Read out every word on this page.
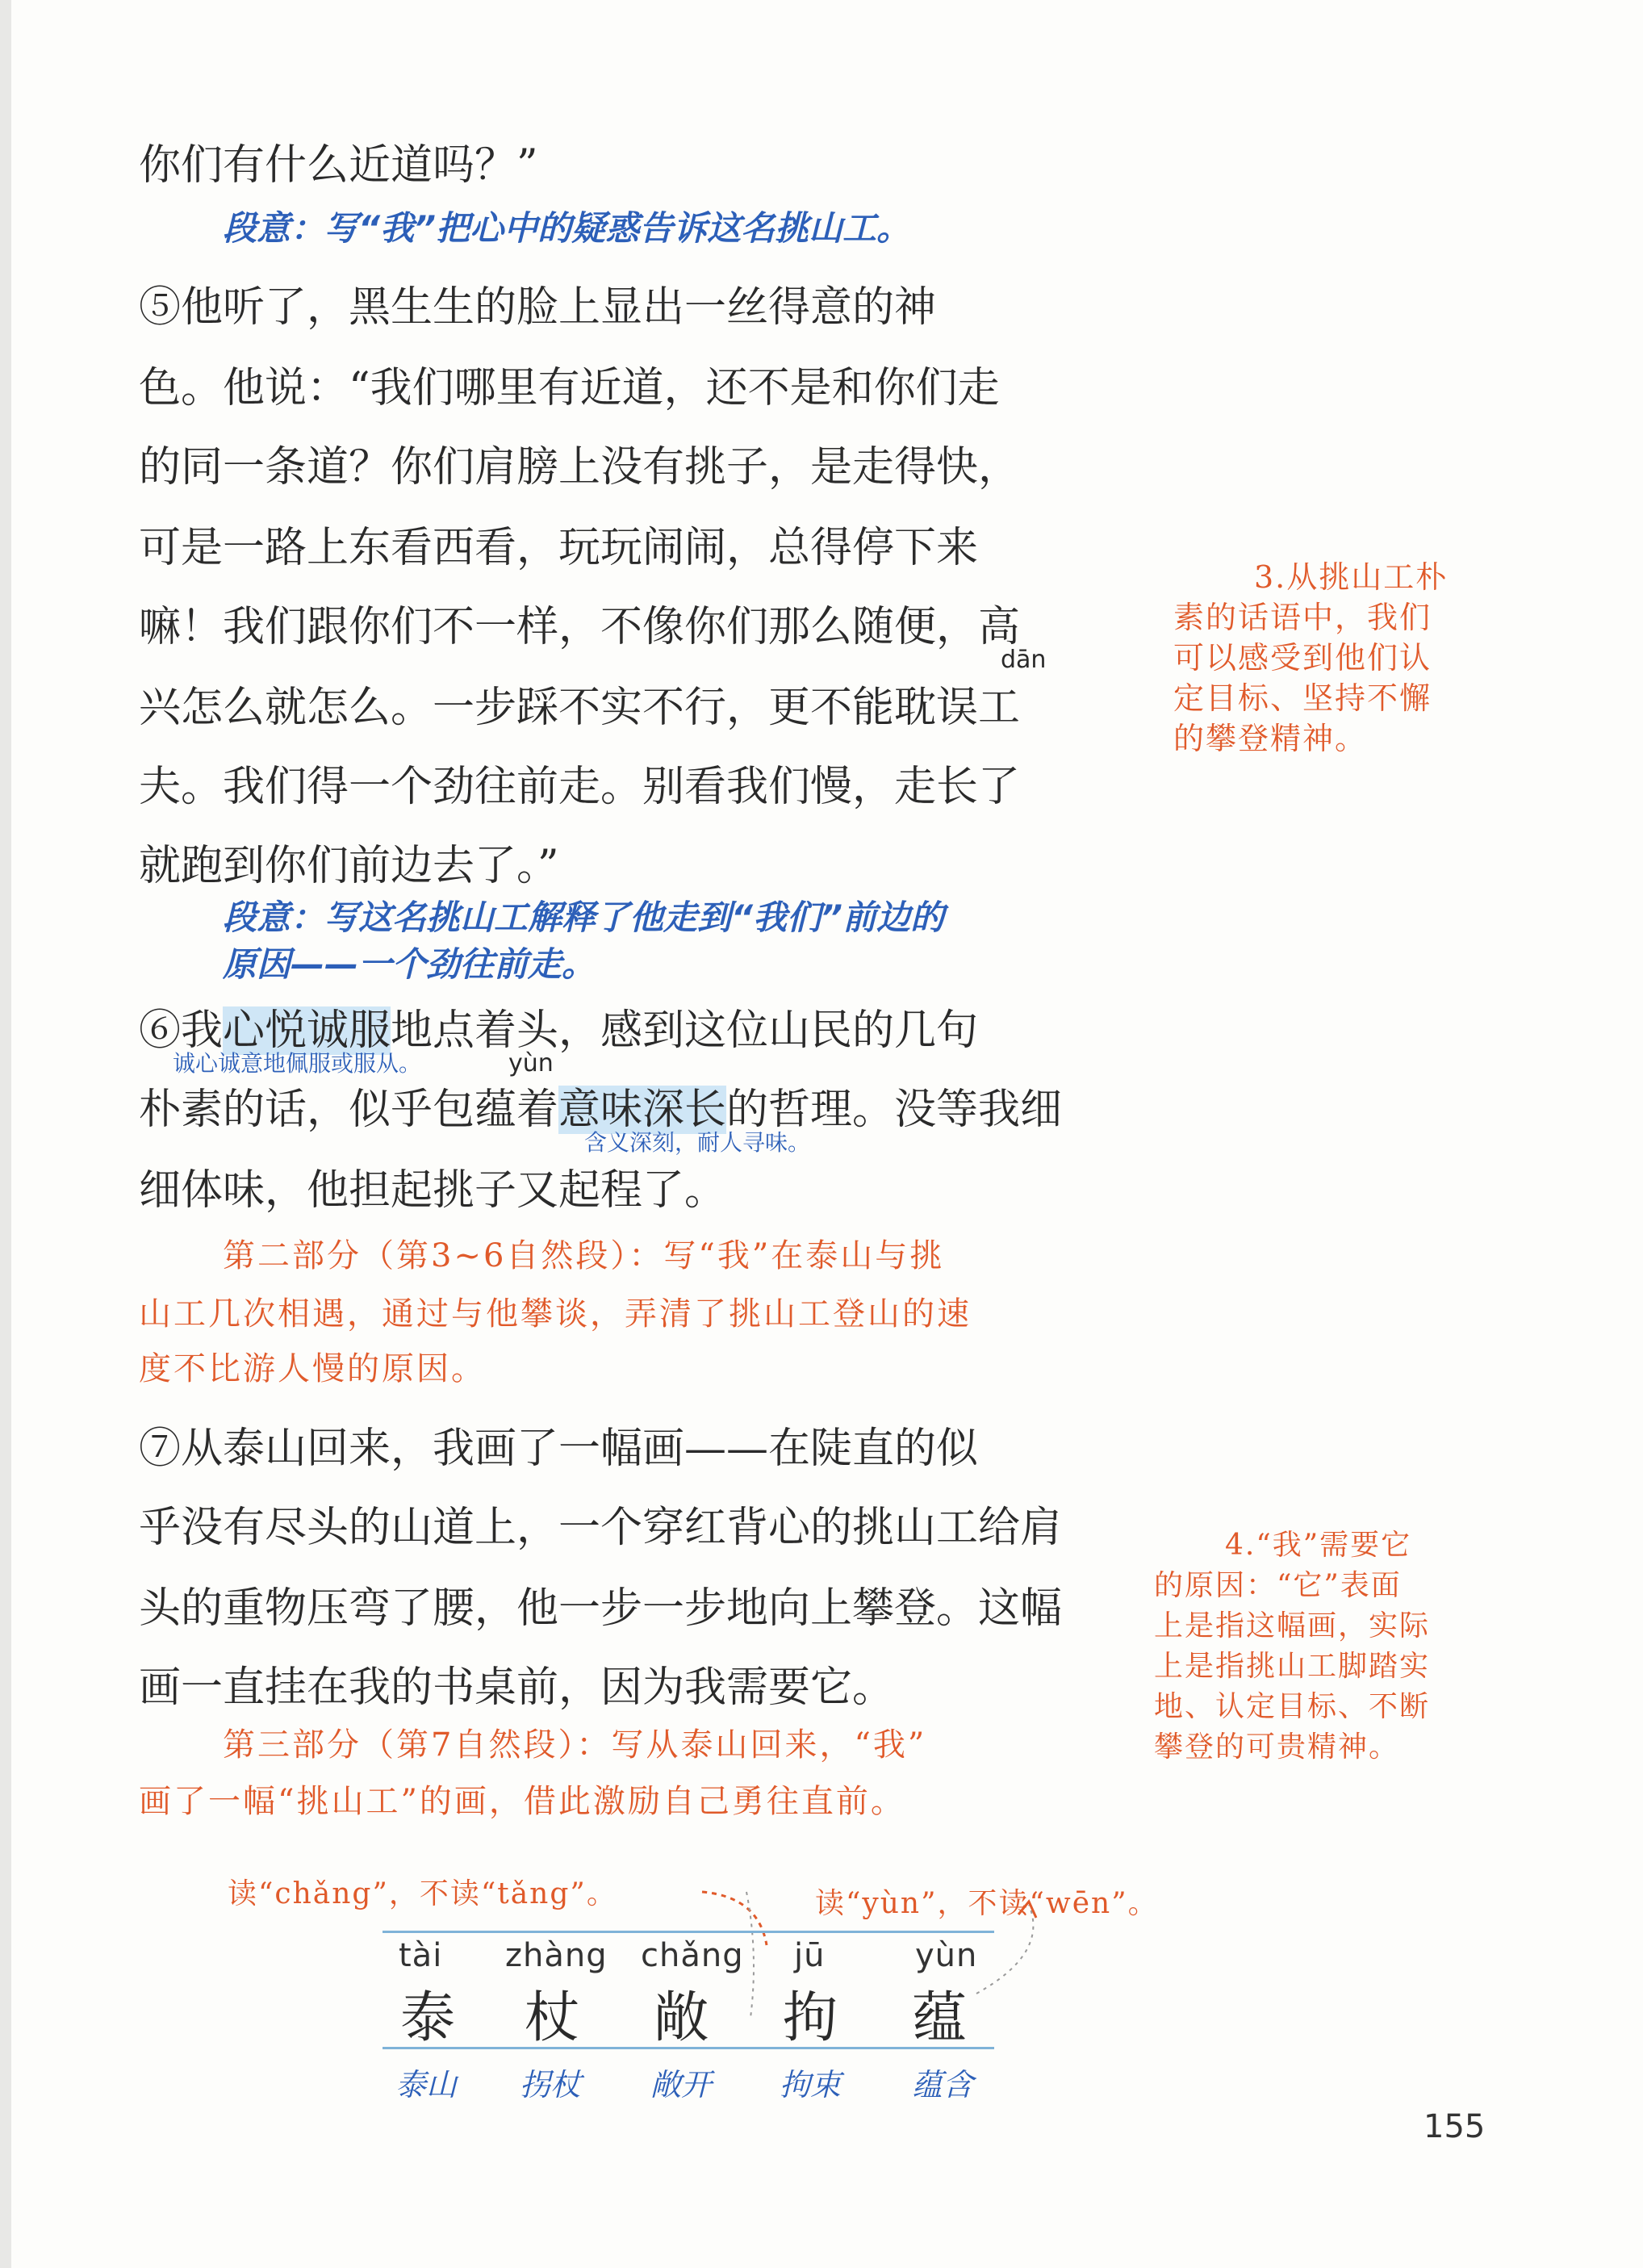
你们有什么近道吗？”
段意：写“我”把心中的疑惑告诉这名挑山工。
⑤他听了，黑生生的脸上显出一丝得意的神
色。他说：“我们哪里有近道，还不是和你们走
的同一条道？你们肩膀上没有挑子，是走得快，
可是一路上东看西看，玩玩闹闹，总得停下来
嘛！我们跟你们不一样，不像你们那么随便，高
dān
兴怎么就怎么。一步踩不实不行，更不能耽误工
夫。我们得一个劲往前走。别看我们慢，走长了
就跑到你们前边去了。”
段意：写这名挑山工解释了他走到“我们”前边的
原因——一个劲往前走。
⑥我心悦诚服地点着头，感到这位山民的几句
诚心诚意地佩服或服从。	yùn
朴素的话，似乎包蕴着意味深长的哲理。没等我细
含义深刻，耐人寻味。
细体味，他担起挑子又起程了。
第二部分（第3~6自然段）：写“我”在泰山与挑
山工几次相遇，通过与他攀谈，弄清了挑山工登山的速
度不比游人慢的原因。
⑦从泰山回来，我画了一幅画——在陡直的似
乎没有尽头的山道上，一个穿红背心的挑山工给肩
头的重物压弯了腰，他一步一步地向上攀登。这幅
画一直挂在我的书桌前，因为我需要它。
第三部分（第7自然段）：写从泰山回来，“我”
画了一幅“挑山工”的画，借此激励自己勇往直前。
3.从挑山工朴
素的话语中，我们
可以感受到他们认
定目标、坚持不懈
的攀登精神。
4.“我”需要它
的原因：“它”表面
上是指这幅画，实际
上是指挑山工脚踏实
地、认定目标、不断
攀登的可贵精神。
读“chǎng”，不读“tǎng”。	读“yùn”，不读“wēn”。
tài zhàng chǎng jū	yùn
泰 杖 敞 拘 蕴
泰山 拐杖 敞开 拘束 蕴含
155
